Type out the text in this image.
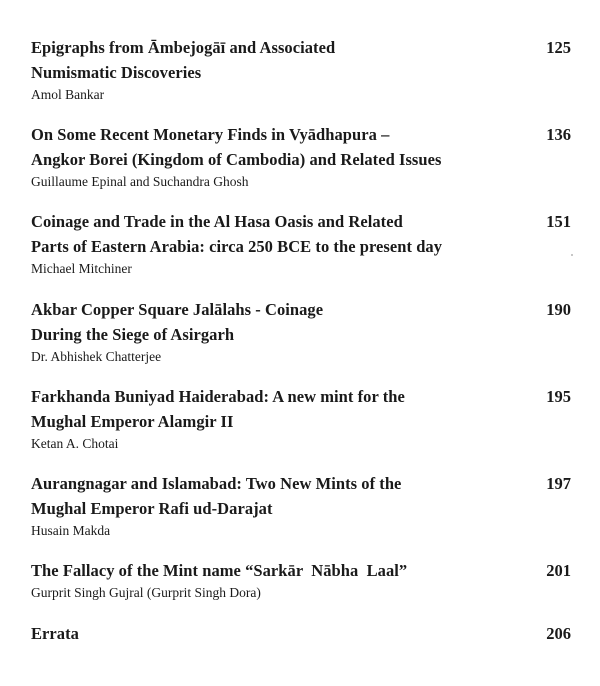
Epigraphs from Āmbejogāī and Associated
Numismatic Discoveries
Amol Bankar
125
On Some Recent Monetary Finds in Vyādhapura –
Angkor Borei (Kingdom of Cambodia) and Related Issues
Guillaume Epinal and Suchandra Ghosh
136
Coinage and Trade in the Al Hasa Oasis and Related
Parts of Eastern Arabia: circa 250 BCE to the present day
Michael Mitchiner
151
Akbar Copper Square Jalālahs - Coinage
During the Siege of Asirgarh
Dr. Abhishek Chatterjee
190
Farkhanda Buniyad Haiderabad: A new mint for the
Mughal Emperor Alamgir II
Ketan A. Chotai
195
Aurangnagar and Islamabad: Two New Mints of the
Mughal Emperor Rafi ud-Darajat
Husain Makda
197
The Fallacy of the Mint name “Sarkār  Nābha  Laal”
Gurprit Singh Gujral (Gurprit Singh Dora)
201
Errata	206
